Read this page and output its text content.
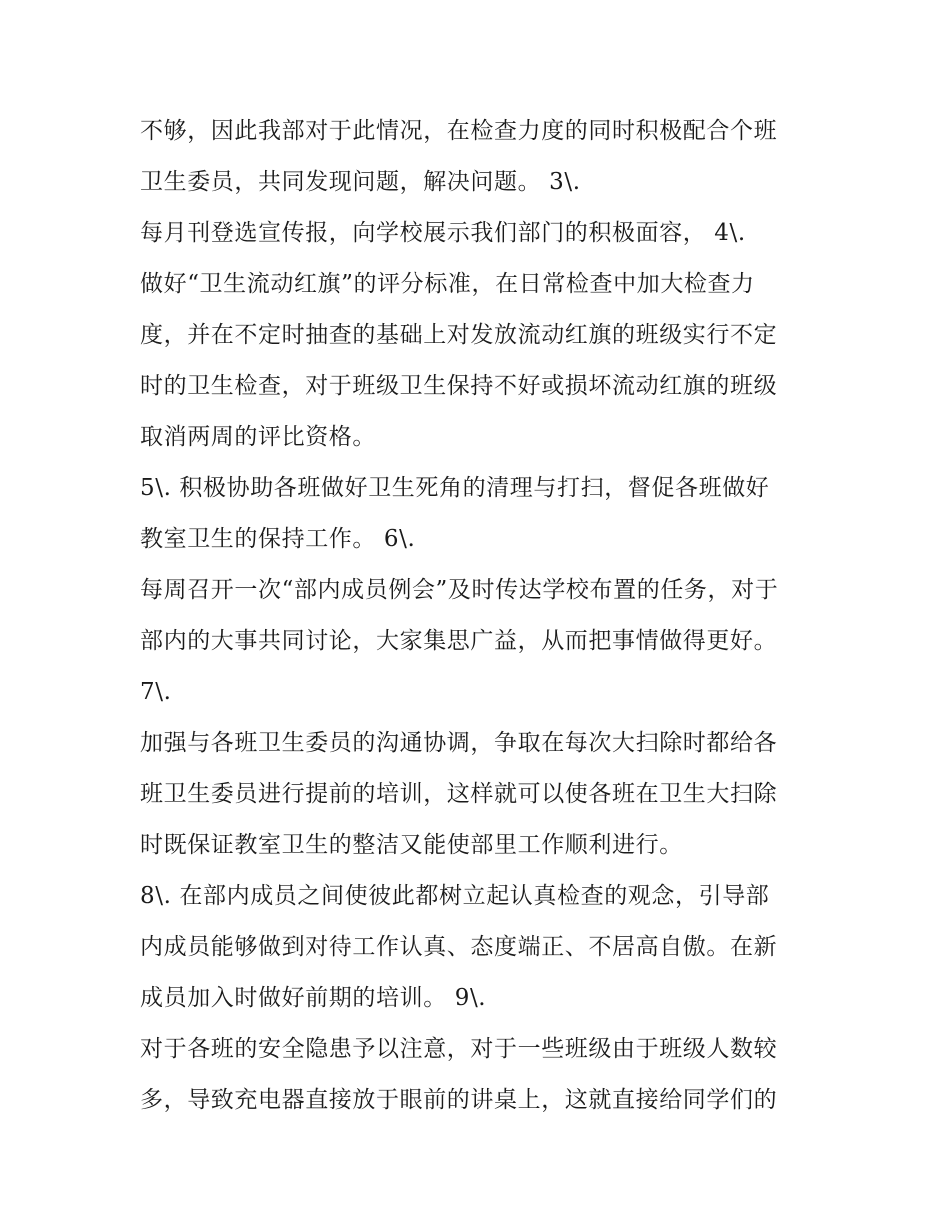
不够，因此我部对于此情况，在检查力度的同时积极配合个班
卫生委员，共同发现问题，解决问题。 3\.
每月刊登选宣传报，向学校展示我们部门的积极面容， 4\.
做好“卫生流动红旗”的评分标准，在日常检查中加大检查力
度，并在不定时抽查的基础上对发放流动红旗的班级实行不定
时的卫生检查，对于班级卫生保持不好或损坏流动红旗的班级
取消两周的评比资格。
5\. 积极协助各班做好卫生死角的清理与打扫，督促各班做好
教室卫生的保持工作。 6\.
每周召开一次“部内成员例会”及时传达学校布置的任务，对于
部内的大事共同讨论，大家集思广益，从而把事情做得更好。
7\.
加强与各班卫生委员的沟通协调，争取在每次大扫除时都给各
班卫生委员进行提前的培训，这样就可以使各班在卫生大扫除
时既保证教室卫生的整洁又能使部里工作顺利进行。
8\. 在部内成员之间使彼此都树立起认真检查的观念，引导部
内成员能够做到对待工作认真、态度端正、不居高自傲。在新
成员加入时做好前期的培训。 9\.
对于各班的安全隐患予以注意，对于一些班级由于班级人数较
多，导致充电器直接放于眼前的讲桌上，这就直接给同学们的
